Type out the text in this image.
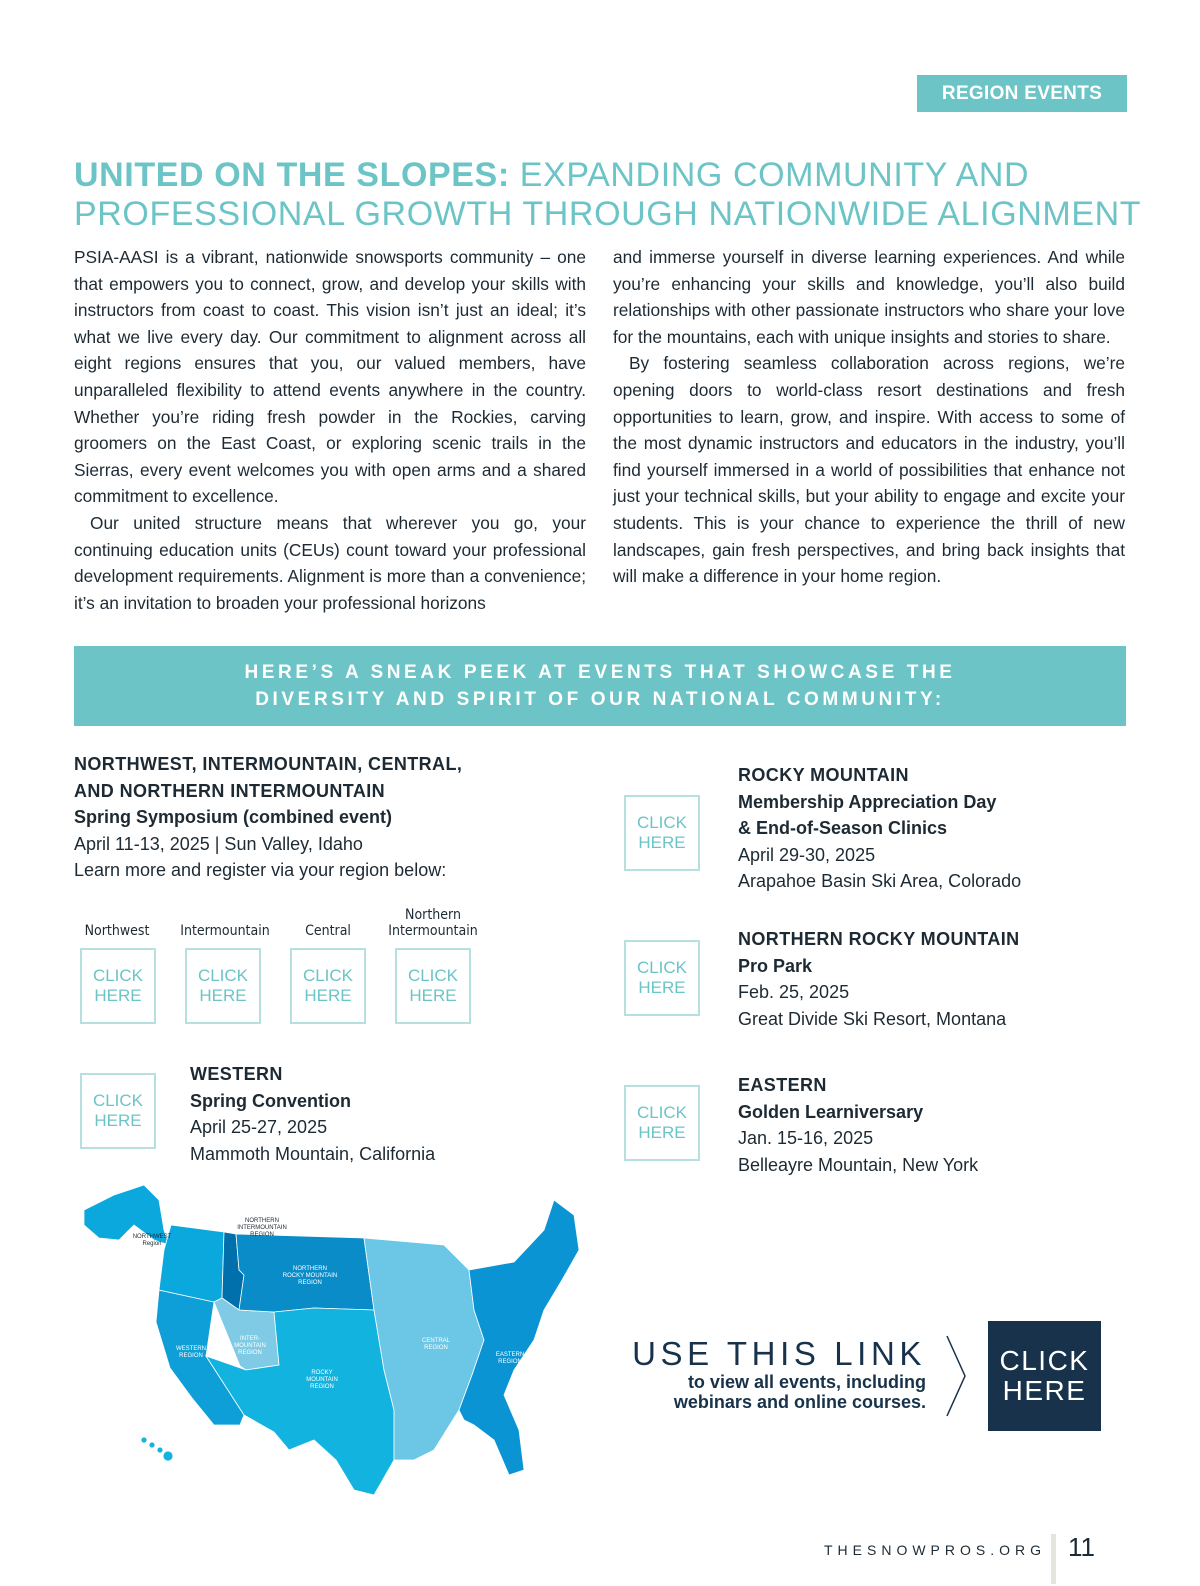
REGION EVENTS
UNITED ON THE SLOPES: EXPANDING COMMUNITY AND
PROFESSIONAL GROWTH THROUGH NATIONWIDE ALIGNMENT

PSIA-AASI is a vibrant, nationwide snowsports community – one that empowers you to connect, grow, and develop your skills with instructors from coast to coast. This vision isn’t just an ideal; it’s what we live every day. Our commitment to alignment across all eight regions ensures that you, our valued members, have unparalleled flexibility to attend events anywhere in the country. Whether you’re riding fresh powder in the Rockies, carving groomers on the East Coast, or exploring scenic trails in the Sierras, every event welcomes you with open arms and a shared commitment to excellence.

Our united structure means that wherever you go, your continuing education units (CEUs) count toward your professional development requirements. Alignment is more than a convenience; it’s an invitation to broaden your professional horizons

and immerse yourself in diverse learning experiences. And while you’re enhancing your skills and knowledge, you’ll also build relationships with other passionate instructors who share your love for the mountains, each with unique insights and stories to share.

By fostering seamless collaboration across regions, we’re opening doors to world-class resort destinations and fresh opportunities to learn, grow, and inspire. With access to some of the most dynamic instructors and educators in the industry, you’ll find yourself immersed in a world of possibilities that enhance not just your technical skills, but your ability to engage and excite your students. This is your chance to experience the thrill of new landscapes, gain fresh perspectives, and bring back insights that will make a difference in your home region.

HERE’S A SNEAK PEEK AT EVENTS THAT SHOWCASE THE
DIVERSITY AND SPIRIT OF OUR NATIONAL COMMUNITY:
NORTHWEST, INTERMOUNTAIN, CENTRAL,
AND NORTHERN INTERMOUNTAIN
Spring Symposium (combined event)
April 11-13, 2025 | Sun Valley, Idaho
Learn more and register via your region below:
Northwest	Intermountain	Central
Northern Intermountain
CLICK
HERE
CLICK
HERE
CLICK
HERE
CLICK
HERE
CLICK
HERE
WESTERN
Spring Convention
April 25-27, 2025
Mammoth Mountain, California
CLICK
HERE
ROCKY MOUNTAIN
Membership Appreciation Day
& End-of-Season Clinics
April 29-30, 2025
Arapahoe Basin Ski Area, Colorado
CLICK
HERE
NORTHERN ROCKY MOUNTAIN
Pro Park
Feb. 25, 2025
Great Divide Ski Resort, Montana
CLICK
HERE
EASTERN
Golden Learniversary
Jan. 15-16, 2025
Belleayre Mountain, New York
NORTHERN INTERMOUNTAIN REGION
NORTHWEST Region
NORTHERN ROCKY MOUNTAIN REGION
WESTERN REGION
INTER-MOUNTAIN REGION
ROCKY MOUNTAIN REGION
CENTRAL REGION
EASTERN REGION	USE THIS LINK
to view all events, including
webinars and online courses.
CLICK
HERE
THESNOWPROS.ORG 11
